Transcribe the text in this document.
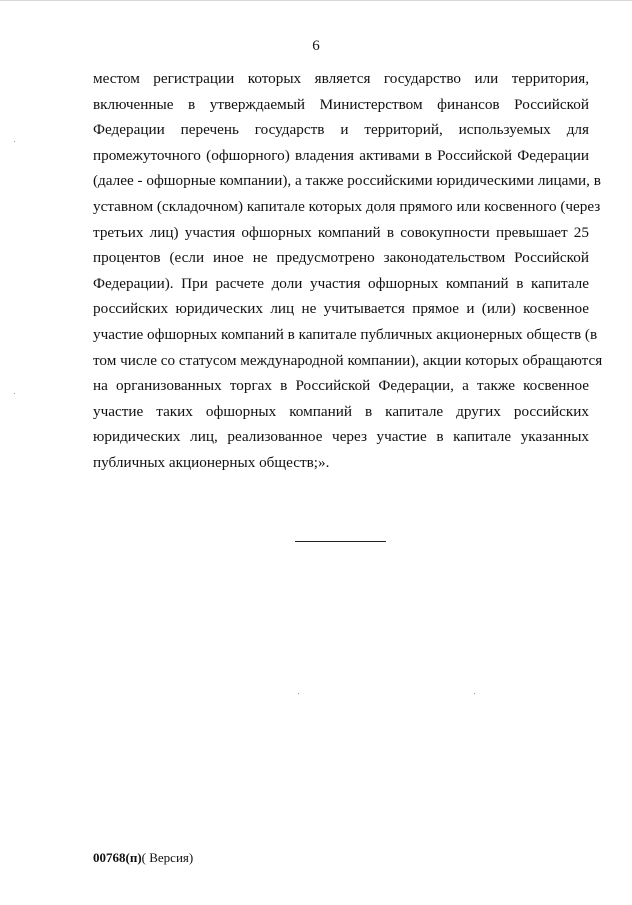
6
местом регистрации которых является государство или территория,
включенные в утверждаемый Министерством финансов Российской
Федерации перечень государств и территорий, используемых для
промежуточного (офшорного) владения активами в Российской Федерации
(далее - офшорные компании), а также российскими юридическими лицами, в
уставном (складочном) капитале которых доля прямого или косвенного (через
третьих лиц) участия офшорных компаний в совокупности превышает 25
процентов (если иное не предусмотрено законодательством Российской
Федерации). При расчете доли участия офшорных компаний в капитале
российских юридических лиц не учитывается прямое и (или) косвенное
участие офшорных компаний в капитале публичных акционерных обществ (в
том числе со статусом международной компании), акции которых обращаются
на организованных торгах в Российской Федерации, а также косвенное
участие таких офшорных компаний в капитале других российских
юридических лиц, реализованное через участие в капитале указанных
публичных акционерных обществ;».
00768(п)( Версия)
